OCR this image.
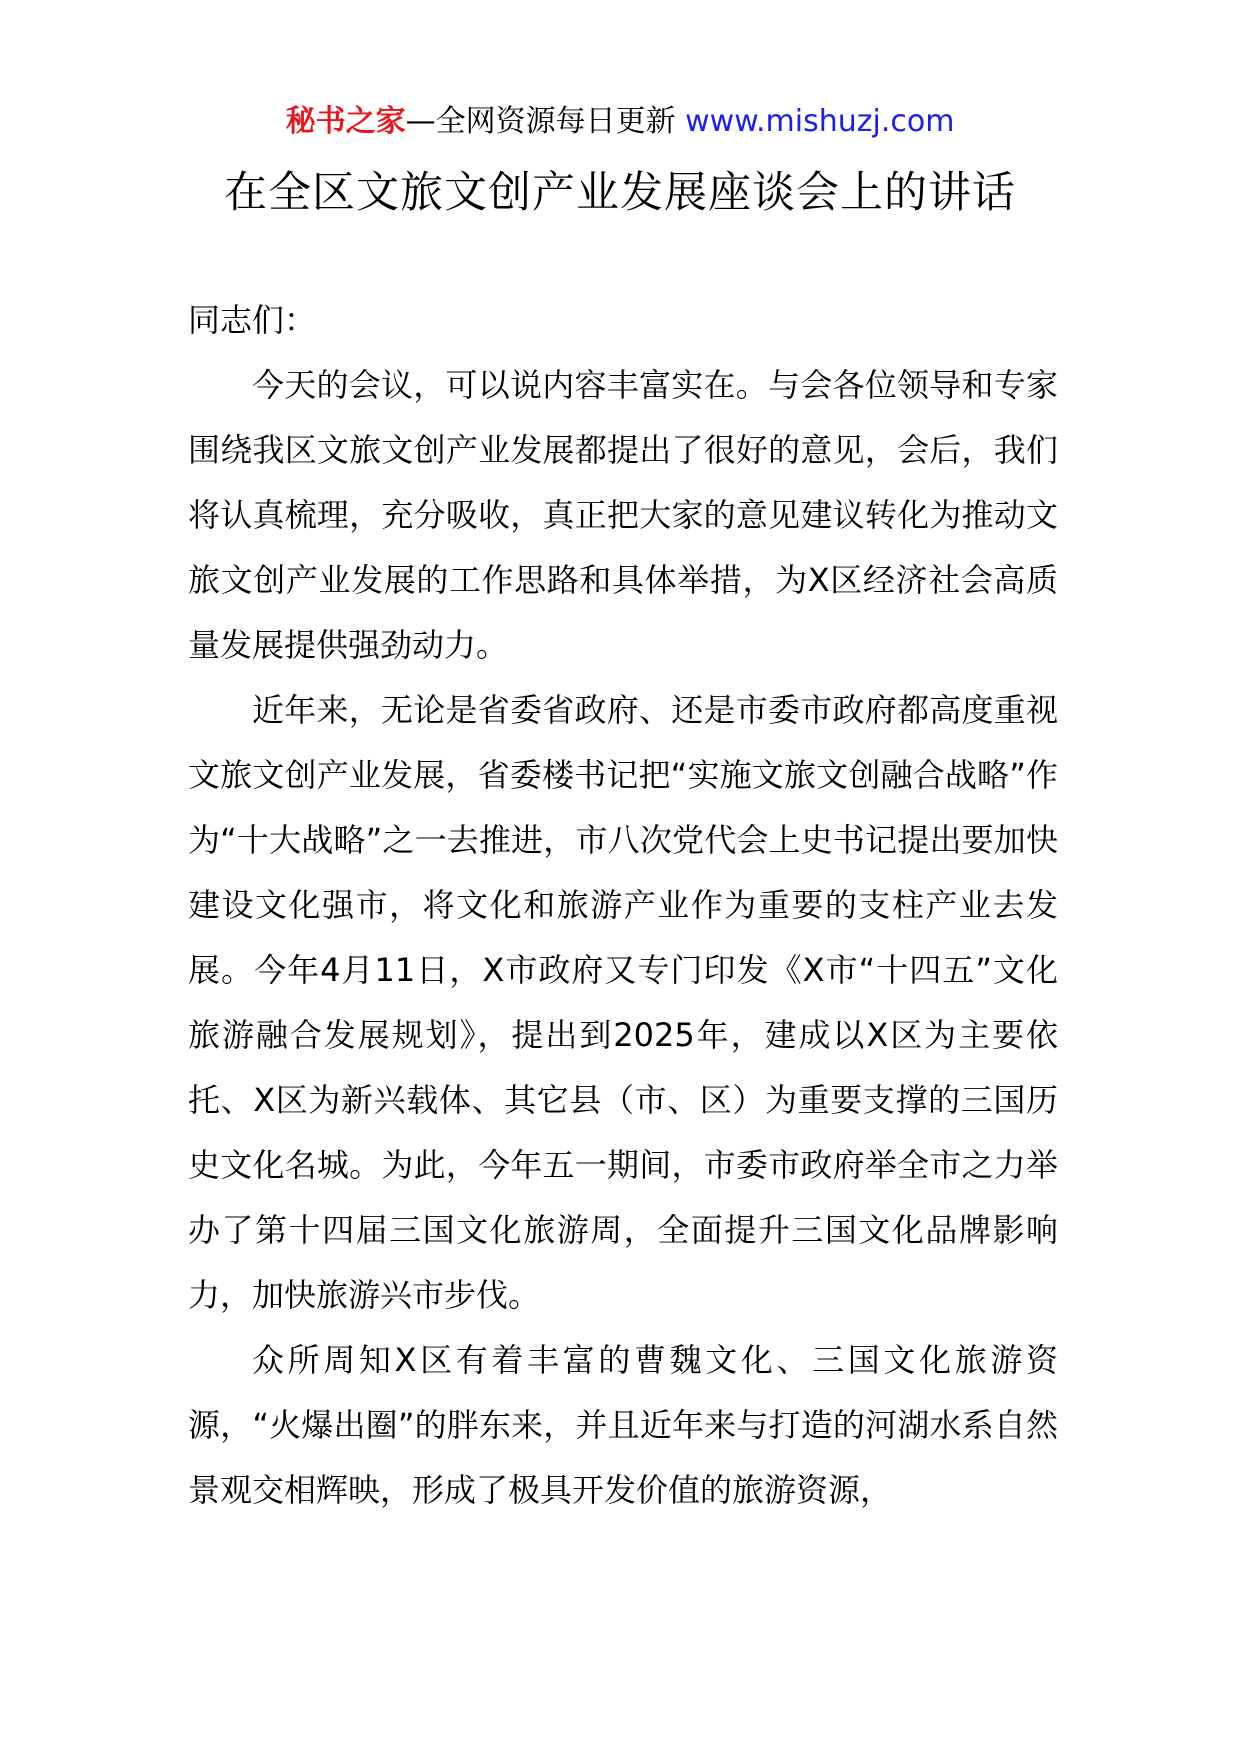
秘书之家—全网资源每日更新 www.mishuzj.com
在全区文旅文创产业发展座谈会上的讲话

同志们：

今天的会议，可以说内容丰富实在。与会各位领导和专家围绕我区文旅文创产业发展都提出了很好的意见，会后，我们将认真梳理，充分吸收，真正把大家的意见建议转化为推动文旅文创产业发展的工作思路和具体举措，为X区经济社会高质量发展提供强劲动力。

近年来，无论是省委省政府、还是市委市政府都高度重视文旅文创产业发展，省委楼书记把“实施文旅文创融合战略”作为“十大战略”之一去推进，市八次党代会上史书记提出要加快建设文化强市，将文化和旅游产业作为重要的支柱产业去发展。今年4月11日，X市政府又专门印发《X市“十四五”文化旅游融合发展规划》，提出到2025年，建成以X区为主要依托、X区为新兴载体、其它县（市、区）为重要支撑的三国历史文化名城。为此，今年五一期间，市委市政府举全市之力举办了第十四届三国文化旅游周，全面提升三国文化品牌影响力，加快旅游兴市步伐。

众所周知X区有着丰富的曹魏文化、三国文化旅游资源，“火爆出圈”的胖东来，并且近年来与打造的河湖水系自然景观交相辉映，形成了极具开发价值的旅游资源，
